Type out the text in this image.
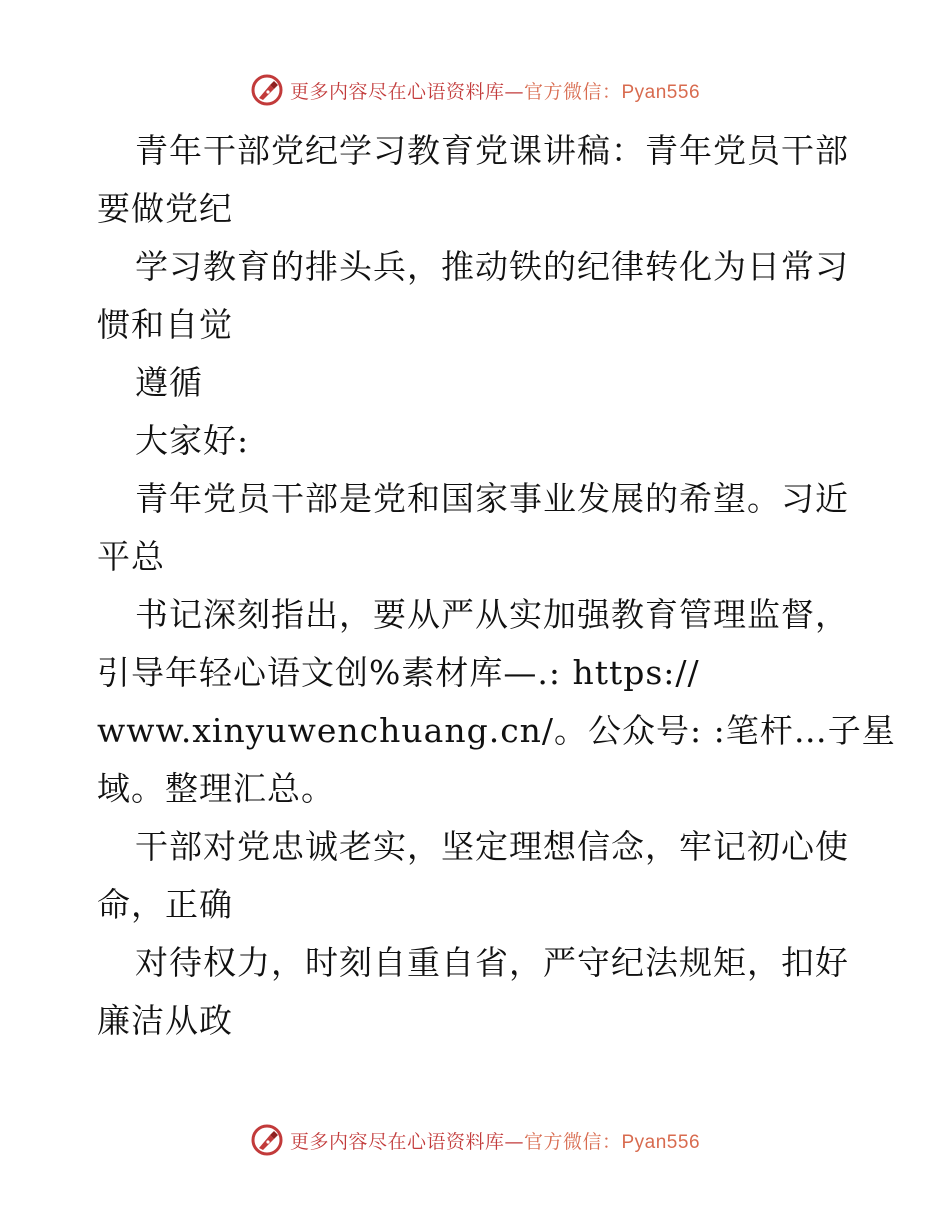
更多内容尽在心语资料库—官方微信：Pyan556
青年干部党纪学习教育党课讲稿：青年党员干部
要做党纪
学习教育的排头兵，推动铁的纪律转化为日常习
惯和自觉
遵循
大家好:
青年党员干部是党和国家事业发展的希望。习近
平总
书记深刻指出，要从严从实加强教育管理监督，
引导年轻心语文创%素材库—.: https://
www.xinyuwenchuang.cn/。公众号: :笔杆…子星
域。整理汇总。
干部对党忠诚老实，坚定理想信念，牢记初心使
命，正确
对待权力，时刻自重自省，严守纪法规矩，扣好
廉洁从政
更多内容尽在心语资料库—官方微信：Pyan556
